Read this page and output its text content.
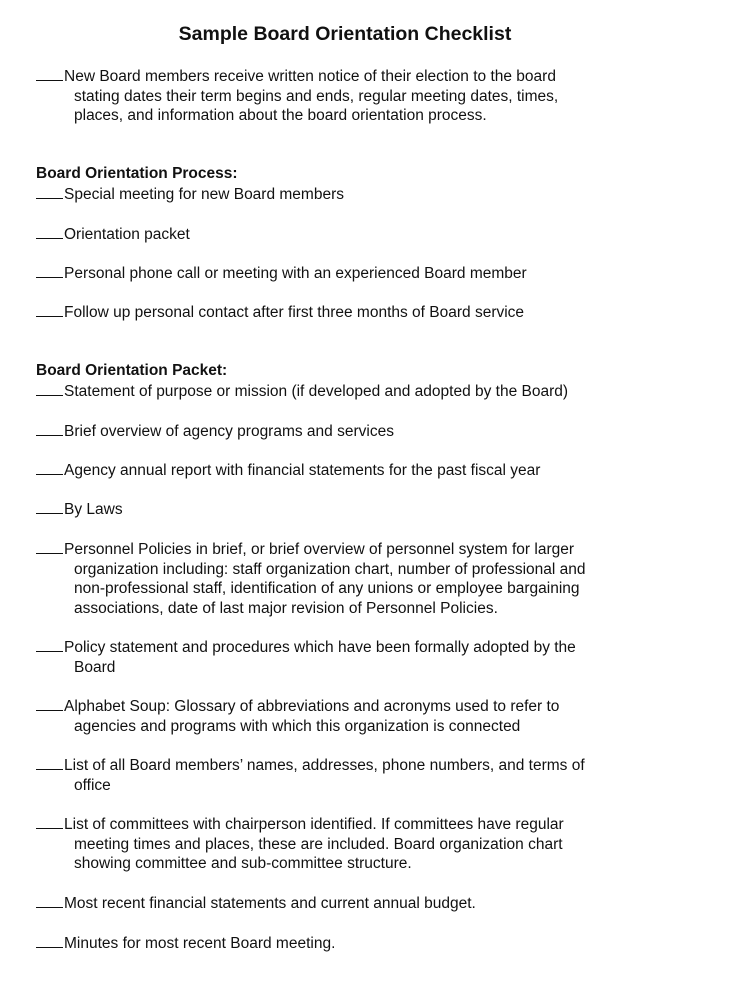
Sample Board Orientation Checklist
New Board members receive written notice of their election to the board
stating dates their term begins and ends, regular meeting dates, times,
places, and information about the board orientation process.
Board Orientation Process:
Special meeting for new Board members
Orientation packet
Personal phone call or meeting with an experienced Board member
Follow up personal contact after first three months of Board service
Board Orientation Packet:
Statement of purpose or mission (if developed and adopted by the Board)
Brief overview of agency programs and services
Agency annual report with financial statements for the past fiscal year
By Laws
Personnel Policies in brief, or brief overview of personnel system for larger
organization including: staff organization chart, number of professional and
non-professional staff, identification of any unions or employee bargaining
associations, date of last major revision of Personnel Policies.
Policy statement and procedures which have been formally adopted by the
Board
Alphabet Soup: Glossary of abbreviations and acronyms used to refer to
agencies and programs with which this organization is connected
List of all Board members’ names, addresses, phone numbers, and terms of
office
List of committees with chairperson identified. If committees have regular
meeting times and places, these are included. Board organization chart
showing committee and sub-committee structure.
Most recent financial statements and current annual budget.
Minutes for most recent Board meeting.
